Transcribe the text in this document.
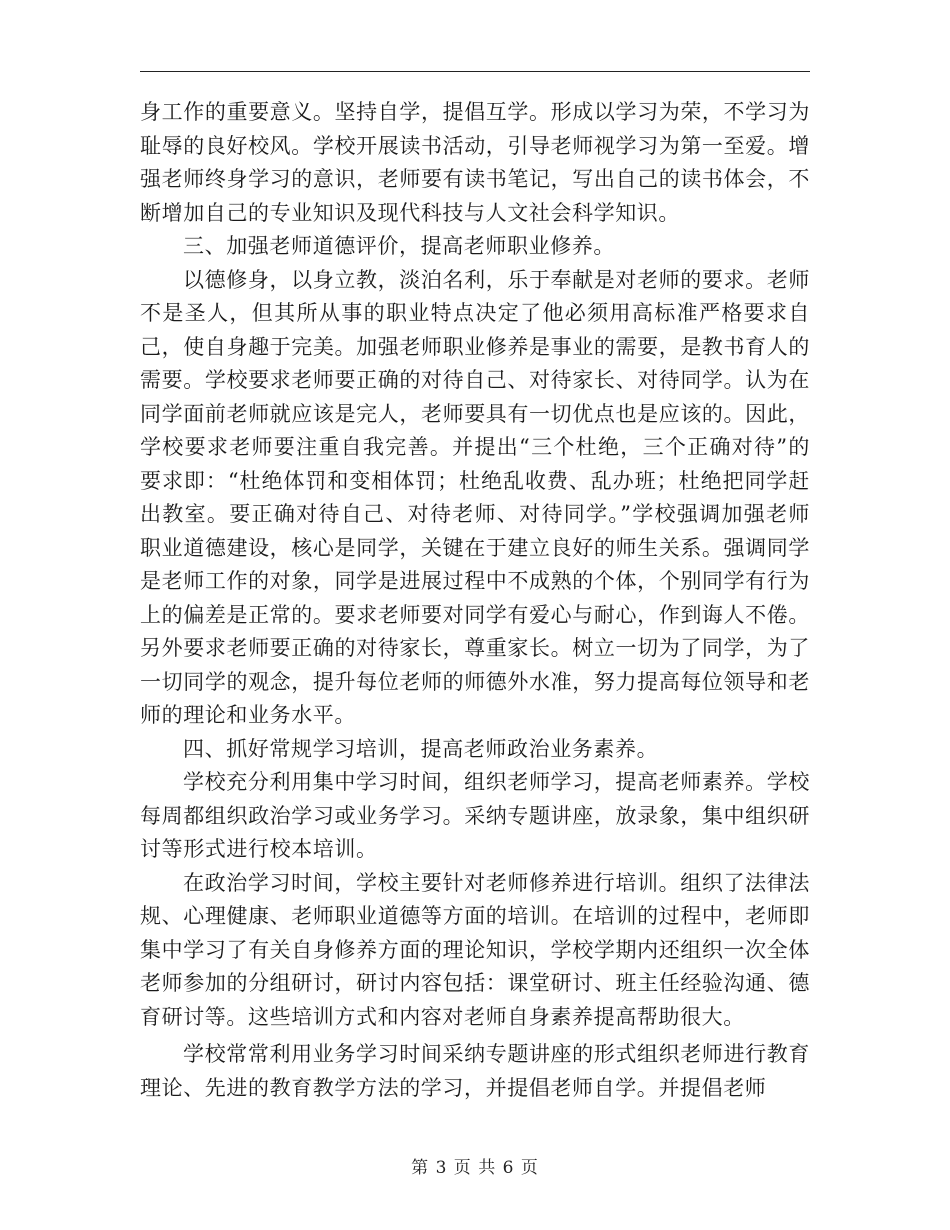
身工作的重要意义。坚持自学，提倡互学。形成以学习为荣，不学习为耻辱的良好校风。学校开展读书活动，引导老师视学习为第一至爱。增强老师终身学习的意识，老师要有读书笔记，写出自己的读书体会，不断增加自己的专业知识及现代科技与人文社会科学知识。

三、加强老师道德评价，提高老师职业修养。

以德修身，以身立教，淡泊名利，乐于奉献是对老师的要求。老师不是圣人，但其所从事的职业特点决定了他必须用高标准严格要求自己，使自身趣于完美。加强老师职业修养是事业的需要，是教书育人的需要。学校要求老师要正确的对待自己、对待家长、对待同学。认为在同学面前老师就应该是完人，老师要具有一切优点也是应该的。因此，学校要求老师要注重自我完善。并提出“三个杜绝，三个正确对待”的要求即：“杜绝体罚和变相体罚；杜绝乱收费、乱办班；杜绝把同学赶出教室。要正确对待自己、对待老师、对待同学。”学校强调加强老师职业道德建设，核心是同学，关键在于建立良好的师生关系。强调同学是老师工作的对象，同学是进展过程中不成熟的个体，个别同学有行为上的偏差是正常的。要求老师要对同学有爱心与耐心，作到诲人不倦。另外要求老师要正确的对待家长，尊重家长。树立一切为了同学，为了一切同学的观念，提升每位老师的师德外水准，努力提高每位领导和老师的理论和业务水平。

四、抓好常规学习培训，提高老师政治业务素养。

学校充分利用集中学习时间，组织老师学习，提高老师素养。学校每周都组织政治学习或业务学习。采纳专题讲座，放录象，集中组织研讨等形式进行校本培训。

在政治学习时间，学校主要针对老师修养进行培训。组织了法律法规、心理健康、老师职业道德等方面的培训。在培训的过程中，老师即集中学习了有关自身修养方面的理论知识，学校学期内还组织一次全体老师参加的分组研讨，研讨内容包括：课堂研讨、班主任经验沟通、德育研讨等。这些培训方式和内容对老师自身素养提高帮助很大。

学校常常利用业务学习时间采纳专题讲座的形式组织老师进行教育理论、先进的教育教学方法的学习，并提倡老师自学。并提倡老师

第 3 页 共 6 页
